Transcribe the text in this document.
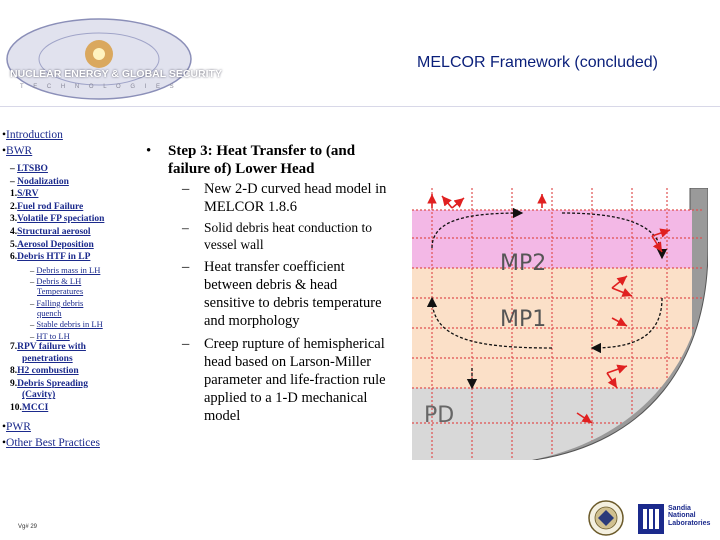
NUCLEAR ENERGY & GLOBAL SECURITY
T E C H N O L O G I E S
MELCOR Framework (concluded)
•Introduction
•BWR
– LTSBO
– Nodalization
1.S/RV
2.Fuel rod Failure
3.Volatile FP speciation
4.Structural aerosol
5.Aerosol Deposition
6.Debris HTF in LP
– Debris mass in LH
– Debris & LH
Temperatures
– Falling debris
quench
– Stable debris in LH
– HT to LH
7.RPV failure with
penetrations
8.H2 combustion
9.Debris Spreading
(Cavity)
10.MCCI
•PWR
•Other Best Practices
Vg# 29
•	Step 3: Heat Transfer to (and failure of) Lower Head
–	New 2-D curved head model in MELCOR 1.8.6
–	Solid debris heat conduction to vessel wall
–	Heat transfer coefficient between debris & head sensitive to debris temperature and morphology
–	Creep rupture of hemispherical head based on Larson-Miller parameter and life-fraction rule applied to a 1-D mechanical model
MP2
MP1
PD
Sandia National Laboratories
